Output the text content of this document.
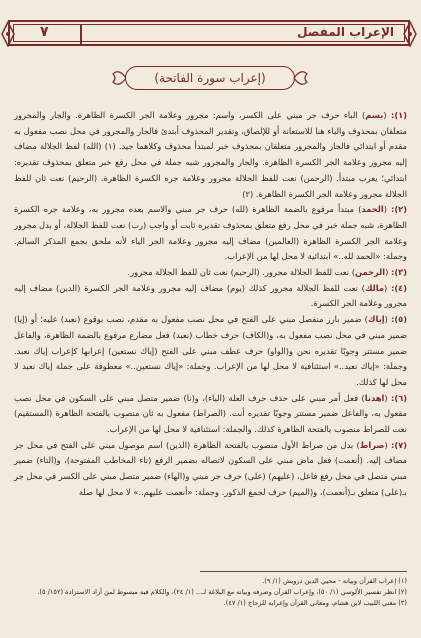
الإعراب المفصل
٧
(إعراب سورة الفاتحة)

(١): (بسم) الباء حرف جر مبني على الكسر، واسم: مجرور وعلامة الجر الكسرة الظاهرة. والجار والمجرور متعلقان بمحذوف والباء هنا للاستعانة أو للإلصاق، وتقدير المحذوف أبتدئ فالجار والمجرور في محل نصب مفعول به مقدم أو ابتدائي فالجار والمجرور متعلقان بمحذوف خبر لمبتدأ محذوف وكلاهما جيد. (١) (الله) لفظ الجلالة مضاف إليه مجرور وعلامة الجر الكسرة الظاهرة. والجار والمجرور شبه جملة في محل رفع خبر متعلق بمحذوف تقديره: ابتدائي؛ يعرب مبتدأ. (الرحمن) نعت للفظ الجلالة مجرور وعلامة جره الكسرة الظاهرة. (الرحيم) نعت ثان للفظ الجلالة مجرور وعلامة الجر الكسرة الظاهرة. (٢)

(٢): (الحمد) مبتدأ مرفوع بالضمة الظاهرة (لله) حرف جر مبني والاسم بعده مجرور به، وعلامة جره الكسرة الظاهرة، شبه جملة خبر في محل رفع متعلق بمحذوف تقديره ثابت أو واجب (رب) نعت للفظ الجلالة، أو بدل مجرور وعلامة الجر الكسرة الظاهرة (العالمين) مضاف إليه مجرور وعلامة الجر الياء لأنه ملحق بجمع المذكر السالم. وجملة: «الحمد لله..» ابتدائية لا محل لها من الإعراب.

(٣): (الرحمن) نعت للفظ الجلالة مجرور. (الرحيم) نعت ثان للفظ الجلالة مجرور.

(٤): (مالك) نعت للفظ الجلالة مجرور كذلك (يوم) مضاف إليه مجرور وعلامة الجر الكسرة (الدين) مضاف إليه مجرور وعلامة الجر الكسرة.

(٥): (إياك) ضمير بارز منفصل مبني على الفتح في محل نصب مفعول به مقدم، نصب بوقوع (نعبد) عليه؛ أو (إيا) ضمير مبني في محل نصب مفعول به، و(الكاف) حرف خطاب (نعبد) فعل مضارع مرفوع بالضمة الظاهرة، والفاعل ضمير مستتر وجوبًا تقديره نحن و(الواو) حرف عطف مبني على الفتح (إياك نستعين) إعرابها كإعراب إياك نعبد. وجملة: «إياك نعبد..» استئنافية لا محل لها من الإعراب. وجملة: «إياك نستعين..» معطوفة على جملة إياك نعبد لا محل لها كذلك.

(٦): (اهدنا) فعل أمر مبني على حذف حرف العلة (الياء)، و(نا) ضمير متصل مبني على السكون في محل نصب مفعول به، والفاعل ضمير مستتر وجوبًا تقديره أنت. (الصراط) مفعول به ثان منصوب بالفتحة الظاهرة (المستقيم) نعت للصراط منصوب بالفتحة الظاهرة كذلك. والجملة: استئنافية لا محل لها من الإعراب.

(٧): (صراط) بدل من صراط الأول منصوب بالفتحة الظاهرة (الذين) اسم موصول مبني على الفتح في محل جر مضاف إليه. (أنعمت) فعل ماض مبني على السكون لاتصاله بضمير الرفع (تاء المخاطب المفتوحة)، و(التاء) ضمير مبني متصل في محل رفع فاعل، (عليهم) (على) حرف جر مبني و(الهاء) ضمير متصل مبني على الكسر في محل جر بـ(على) متعلق بـ(أنعمت)، و(الميم) حرف لجمع الذكور. وجملة: «أنعمت عليهم..» لا محل لها صلة

(١) إعراب القرآن وبيانه - محيي الدين درويش (١/ ٩).

(٢) انظر تفسير الألوسي (١/ ٥٠)، وإعراب القرآن وصرفه وبيانه مع البلاغة لـ... (١/ ٢٤)، والكلام فيه مبسوط لمن أراد الاستزادة (١٥٢/ ٥).

(٣) مغني اللبيب لابن هشام، ومعاني القرآن وإعرابه للزجاج (١/ ٤٧).
